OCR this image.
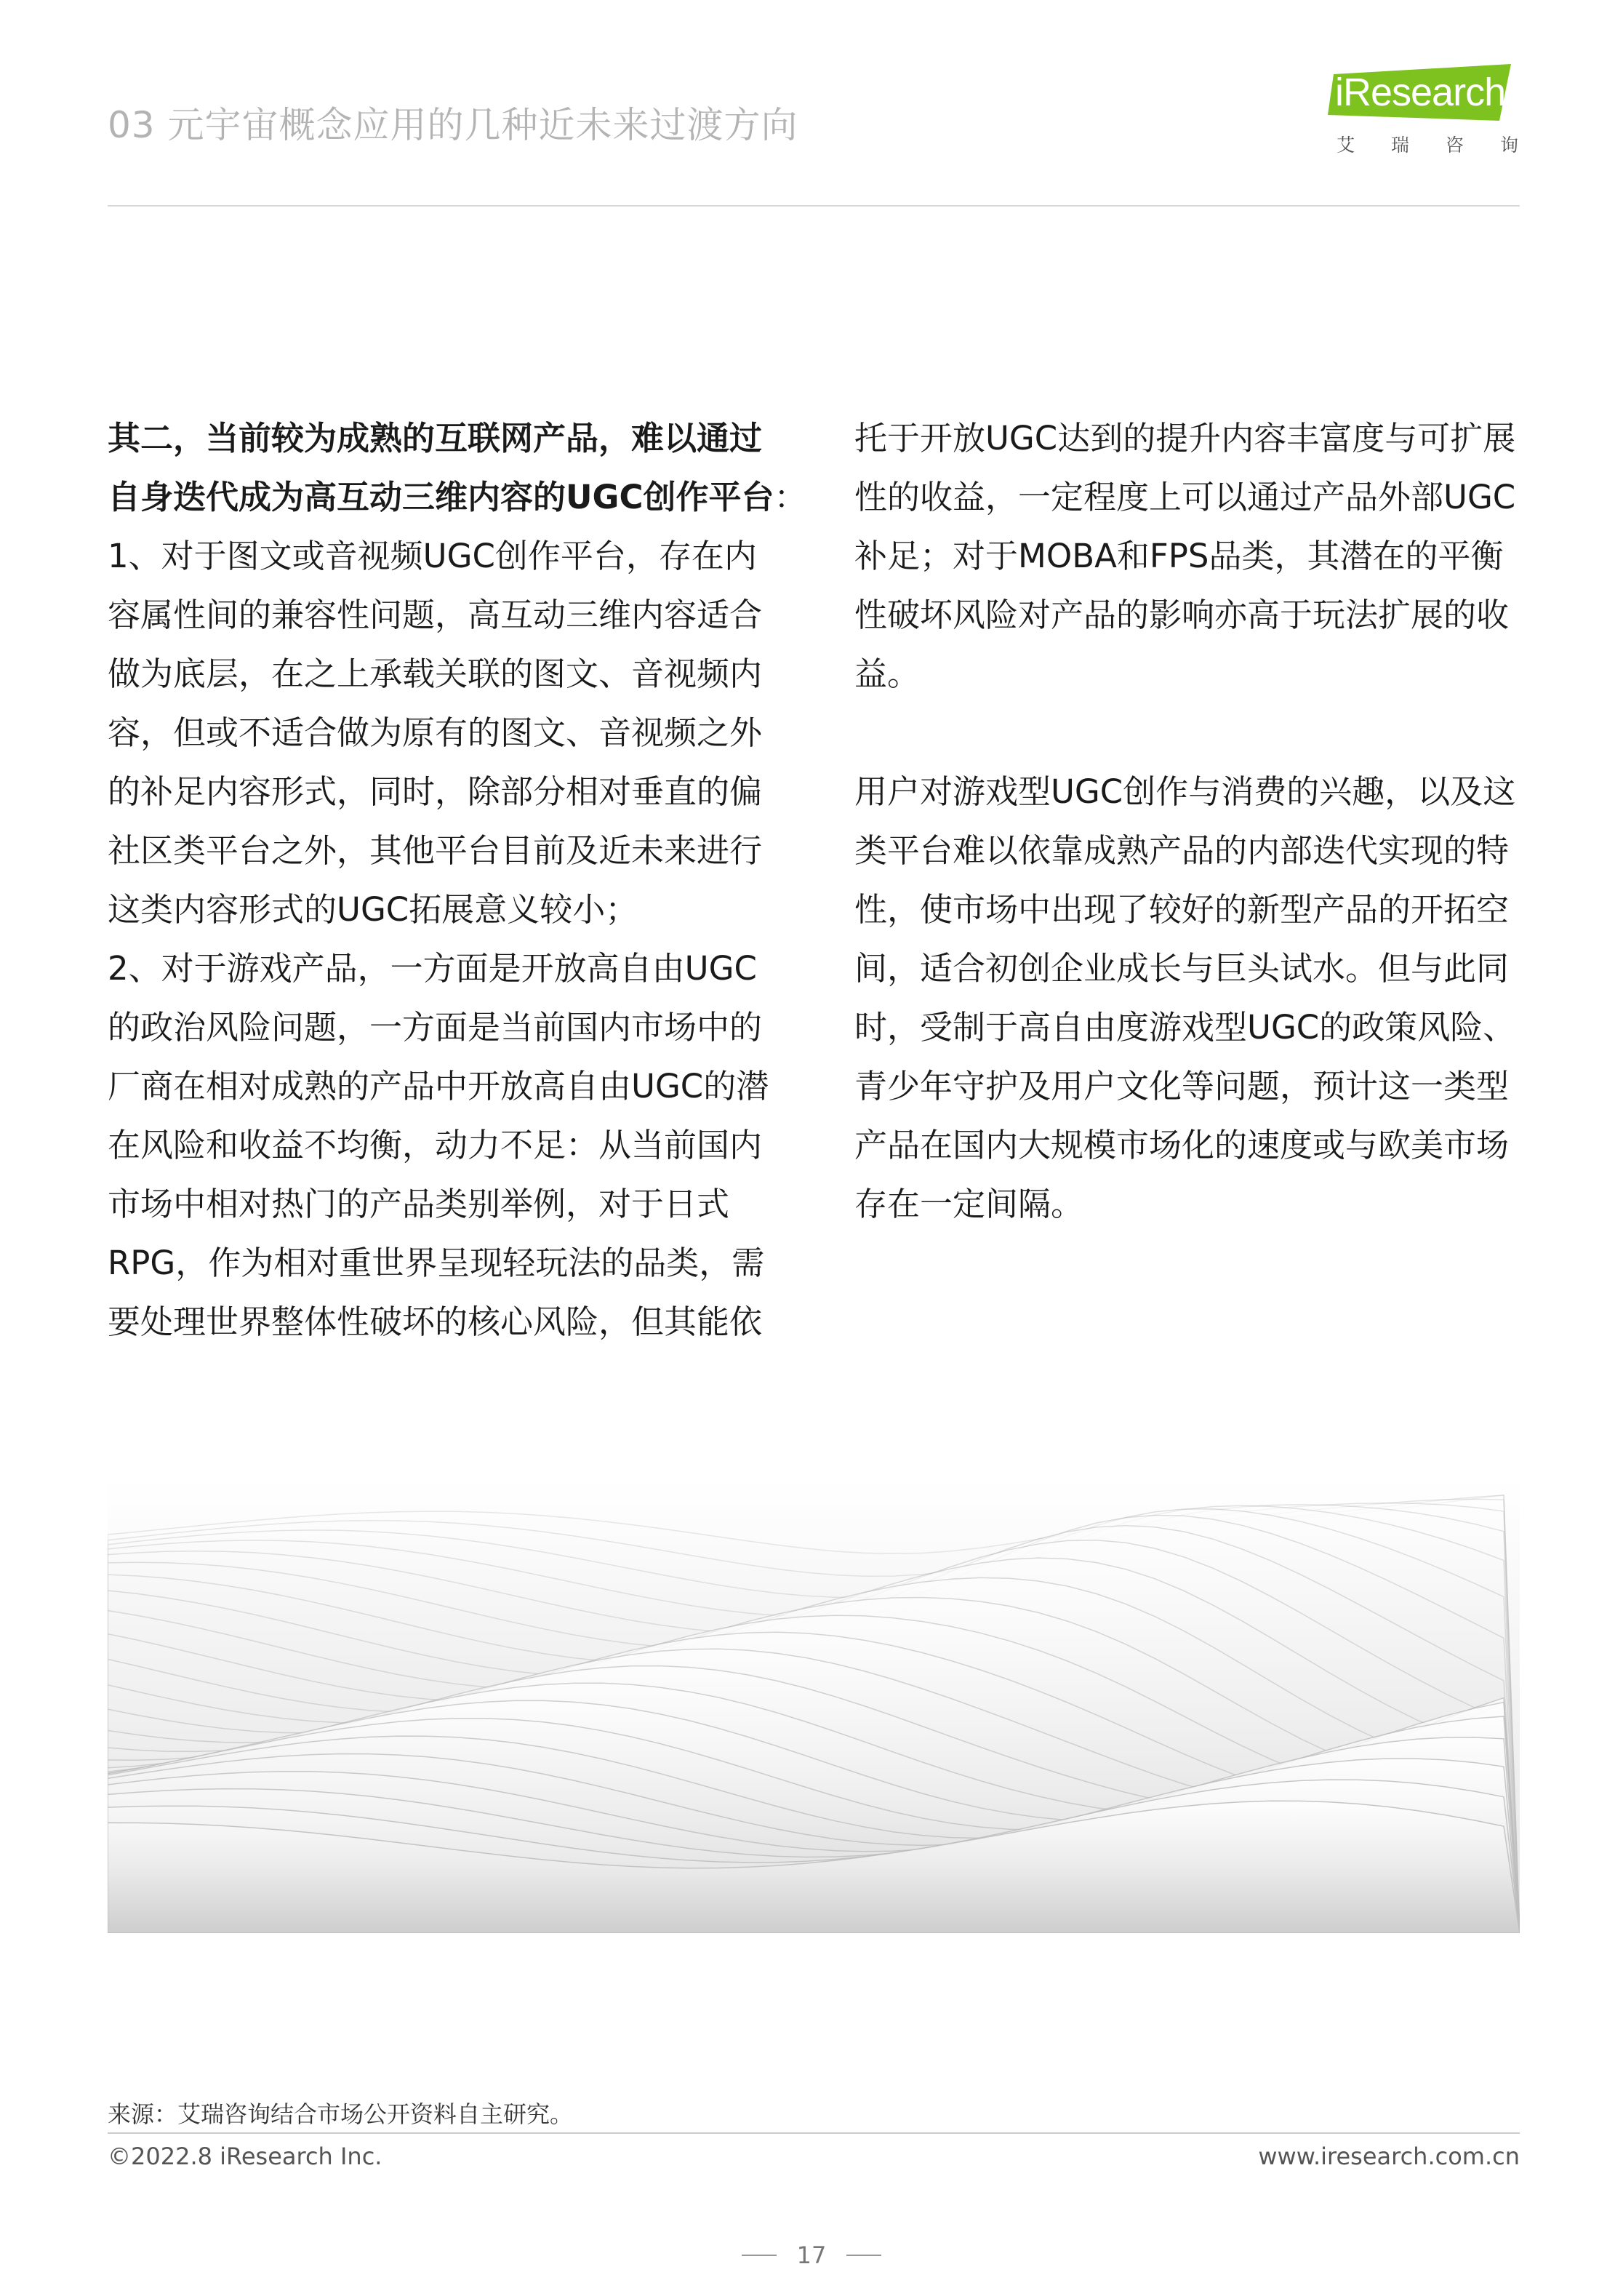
03 元宇宙概念应用的几种近未来过渡方向
iResearch
艾 瑞 咨 询
其二，当前较为成熟的互联网产品，难以通过
自身迭代成为高互动三维内容的UGC创作平台：
1、对于图文或音视频UGC创作平台，存在内
容属性间的兼容性问题，高互动三维内容适合
做为底层，在之上承载关联的图文、音视频内
容，但或不适合做为原有的图文、音视频之外
的补足内容形式，同时，除部分相对垂直的偏
社区类平台之外，其他平台目前及近未来进行
这类内容形式的UGC拓展意义较小；
2、对于游戏产品，一方面是开放高自由UGC
的政治风险问题，一方面是当前国内市场中的
厂商在相对成熟的产品中开放高自由UGC的潜
在风险和收益不均衡，动力不足：从当前国内
市场中相对热门的产品类别举例，对于日式
RPG，作为相对重世界呈现轻玩法的品类，需
要处理世界整体性破坏的核心风险，但其能依
托于开放UGC达到的提升内容丰富度与可扩展
性的收益，一定程度上可以通过产品外部UGC
补足；对于MOBA和FPS品类，其潜在的平衡
性破坏风险对产品的影响亦高于玩法扩展的收
益。
用户对游戏型UGC创作与消费的兴趣，以及这
类平台难以依靠成熟产品的内部迭代实现的特
性，使市场中出现了较好的新型产品的开拓空
间，适合初创企业成长与巨头试水。但与此同
时，受制于高自由度游戏型UGC的政策风险、
青少年守护及用户文化等问题，预计这一类型
产品在国内大规模市场化的速度或与欧美市场
存在一定间隔。
来源：艾瑞咨询结合市场公开资料自主研究。
©2022.8 iResearch Inc.	www.iresearch.com.cn
17
